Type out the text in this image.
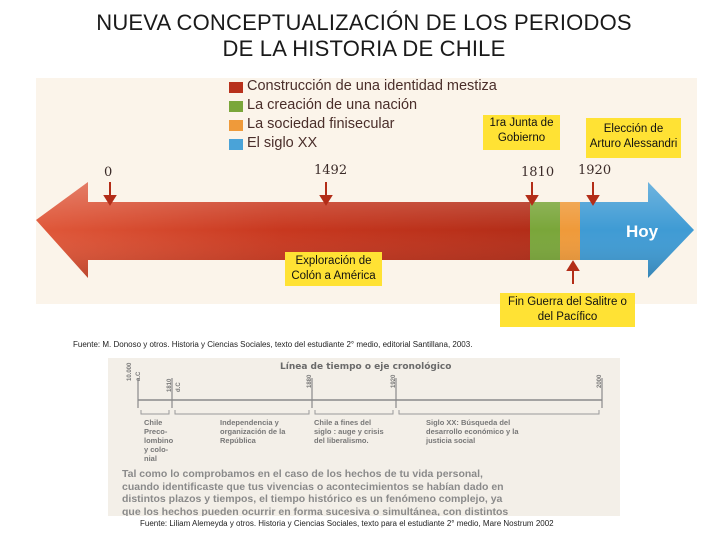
NUEVA CONCEPTUALIZACIÓN DE LOS PERIODOS
DE LA HISTORIA DE CHILE
Construcción de una identidad mestiza
La creación de una nación
La sociedad finisecular
El siglo XX
0	1492	1810 1920
Hoy
1ra Junta de
Gobierno
Elección de
Arturo Alessandri
Exploración de
Colón a América
Fin Guerra del Salitre o
del Pacífico
Fuente: M. Donoso y otros. Historia y Ciencias Sociales, texto del estudiante 2° medio, editorial Santillana, 2003.
Línea de tiempo o eje cronológico
10.000 a.C
1810 d.C	1880	1920	2000
Chile
Preco-
lombino
y colo-
nial
Independencia y
organización de la
República
Chile a fines del
siglo : auge y crisis
del liberalismo.
Siglo XX: Búsqueda del
desarrollo económico y la
justicia social
Tal como lo comprobamos en el caso de los hechos de tu vida personal,
cuando identificaste que tus vivencias o acontecimientos se habían dado en
distintos plazos y tiempos, el tiempo histórico es un fenómeno complejo, ya
que los hechos pueden ocurrir en forma sucesiva o simultánea, con distintos
Fuente: Liliam Alemeyda y otros. Historia y Ciencias Sociales, texto para el estudiante 2° medio, Mare Nostrum 2002
